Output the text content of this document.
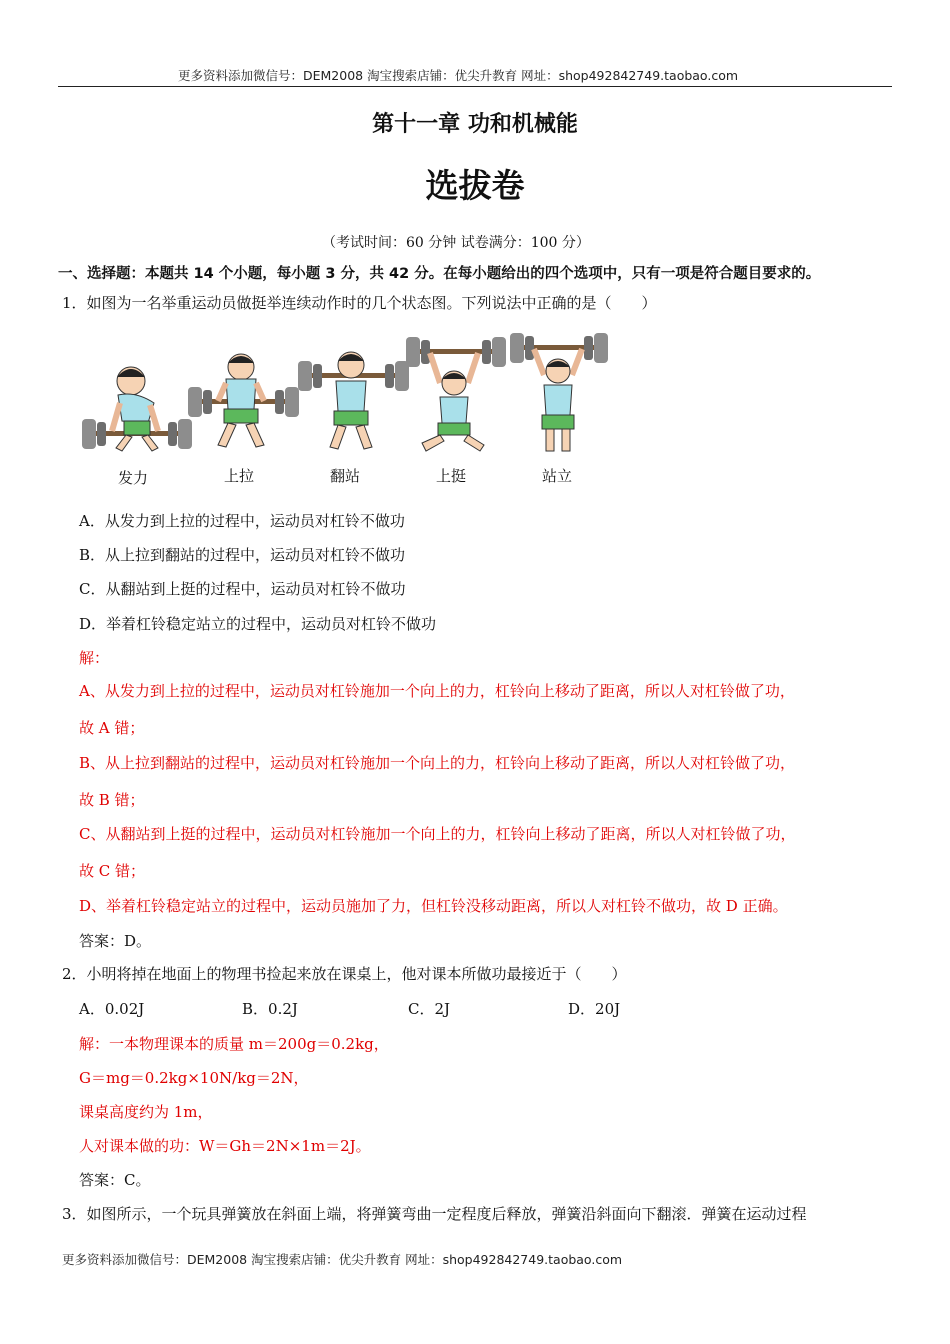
更多资料添加微信号：DEM2008 淘宝搜索店铺：优尖升教育 网址：shop492842749.taobao.com
第十一章 功和机械能
选拔卷
（考试时间：60 分钟 试卷满分：100 分）
一、选择题：本题共 14 个小题，每小题 3 分，共 42 分。在每小题给出的四个选项中，只有一项是符合题目要求的。
1．如图为一名举重运动员做挺举连续动作时的几个状态图。下列说法中正确的是（　　）
发力	上拉	翻站	上挺	站立
A．从发力到上拉的过程中，运动员对杠铃不做功
B．从上拉到翻站的过程中，运动员对杠铃不做功
C．从翻站到上挺的过程中，运动员对杠铃不做功
D．举着杠铃稳定站立的过程中，运动员对杠铃不做功
解：
A、从发力到上拉的过程中，运动员对杠铃施加一个向上的力，杠铃向上移动了距离，所以人对杠铃做了功，
故 A 错；
B、从上拉到翻站的过程中，运动员对杠铃施加一个向上的力，杠铃向上移动了距离，所以人对杠铃做了功，
故 B 错；
C、从翻站到上挺的过程中，运动员对杠铃施加一个向上的力，杠铃向上移动了距离，所以人对杠铃做了功，
故 C 错；
D、举着杠铃稳定站立的过程中，运动员施加了力，但杠铃没移动距离，所以人对杠铃不做功，故 D 正确。
答案：D。
2．小明将掉在地面上的物理书捡起来放在课桌上，他对课本所做功最接近于（　　）
A．0.02J	B．0.2J	C．2J	D．20J
解：一本物理课本的质量 m＝200g＝0.2kg，
G＝mg＝0.2kg×10N/kg＝2N，
课桌高度约为 1m，
人对课本做的功：W＝Gh＝2N×1m＝2J。
答案：C。
3．如图所示，一个玩具弹簧放在斜面上端，将弹簧弯曲一定程度后释放，弹簧沿斜面向下翻滚．弹簧在运动过程
更多资料添加微信号：DEM2008 淘宝搜索店铺：优尖升教育 网址：shop492842749.taobao.com
